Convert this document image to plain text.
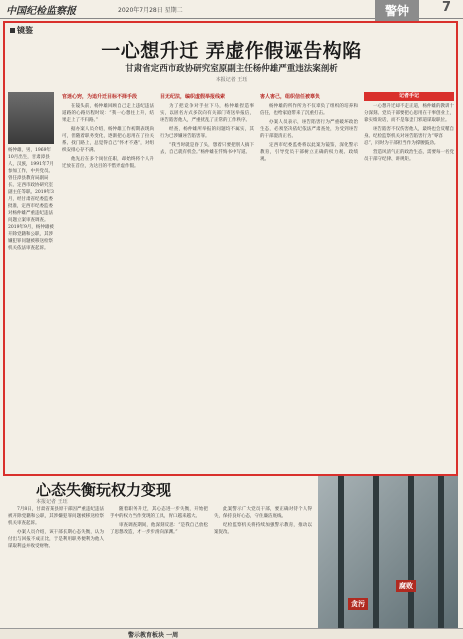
中国纪检监察报	2020年7月28日 星期二	警钟	7
镜鉴
一心想升迁 弄虚作假诬告构陷
甘肃省定西市政协研究室原副主任杨仲雄严重违法案剖析
本报记者 王珏
杨仲雄，男，1969年10月出生，甘肃漳县人，汉族，1991年7月参加工作，中共党员。曾任漳县教育局副局长、定西市政协研究室副主任等职。2019年3月，经甘肃省纪委监委批准，定西市纪委监委对杨仲雄严重违纪违法问题立案审查调查。2019年9月，杨仲雄被开除党籍和公职，其涉嫌犯罪问题被移送检察机关依法审查起诉。
官迷心窍，为追升迁目标不择手段

在镜头前，杨仲雄回顾自己走上违纪违法道路的心路历程时说：“我一心想往上升，结果走上了不归路。”

据办案人员介绍，杨仲雄工作初期表现尚可，但随着职务变化，逐渐把心思用在了拉关系、找门路上，总觉得自己“怀才不遇”，对组织安排心存不满。

他先后在多个岗位任职，却始终将个人升迁放在首位，为达目的不惜弄虚作假。

目无纪法，编织虚假举报线索

为了把竞争对手拉下马，杨仲雄捏造事实，以匿名方式多次向有关部门寄送举报信，诬告陷害他人，严重扰乱了正常的工作秩序。

经查，杨仲雄所举报的问题均不属实，其行为已涉嫌诬告陷害罪。

“我当时就是昏了头，想着只要把别人搞下去，自己就有机会。”杨仲雄在忏悔书中写道。

害人害己，组织信任被辜负

杨仲雄的所作所为不仅辜负了组织的培养和信任，也给家庭带来了沉重打击。

办案人员表示，诬告陷害行为严重破坏政治生态，必须坚决依纪依法严肃查处，为受到诬告的干部澄清正名。

定西市纪委监委将以此案为镜鉴，深化警示教育，引导党员干部树立正确的权力观、政绩观。

记者手记

一心想升迁却不走正道，杨仲雄的教训十分深刻。党员干部要把心思用在干事创业上，靠实绩说话，而不是靠歪门邪道谋取职位。

诬告陷害不仅伤害他人，最终也会反噬自身。纪检监察机关对诬告陷害行为“零容忍”，同时为干部担当作为撑腰鼓劲。

营造风清气正的政治生态，需要每一名党员干部守纪律、讲规矩。

心态失衡玩权力变现
本报记者 王珏

7月8日，甘肃省某县原干部因严重违纪违法被开除党籍和公职，其涉嫌犯罪问题被移送检察机关审查起诉。

办案人员介绍，该干部长期心态失衡，认为付出与回报不成正比，于是利用职务便利为他人谋取利益并收受财物。

随着职务升迁，其心态进一步失衡，开始把手中的权力当作变现的工具，胃口越来越大。

审查调查期间，他深刻反思：“是我自己放松了思想改造，才一步步滑向深渊。”

此案警示广大党员干部，要正确对待个人得失，保持良好心态，守住廉洁底线。

纪检监察机关将持续加强警示教育，推动以案促改。

贪污
腐败
警示教育板块 一周
